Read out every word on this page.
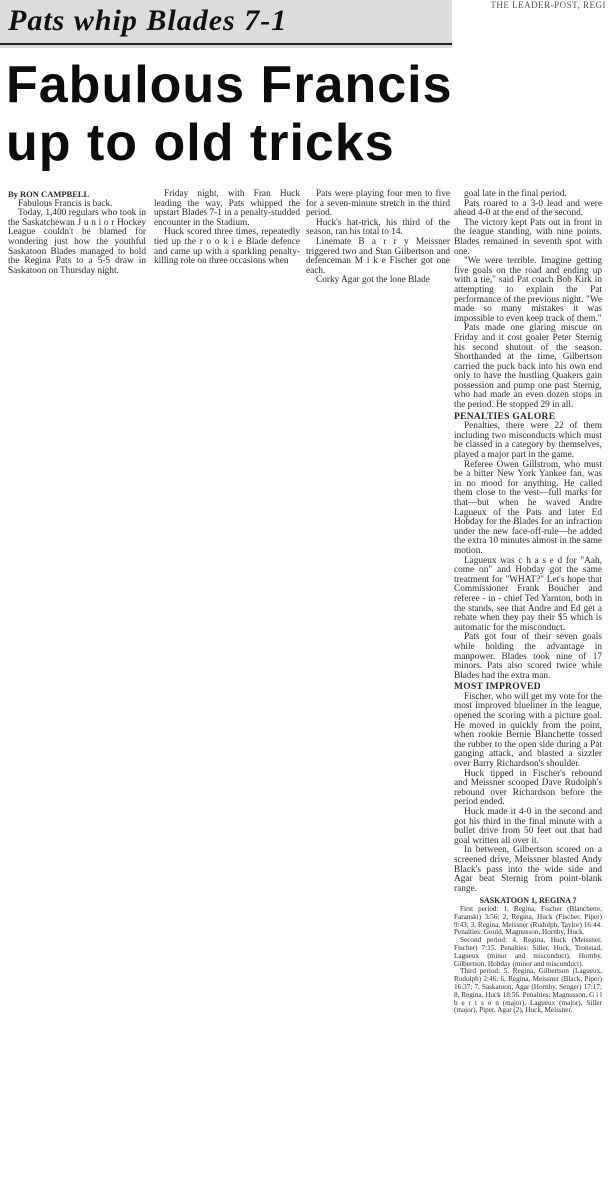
Pats whip Blades 7-1	THE LEADER-POST, REGI
Fabulous Francis
up to old tricks

By RON CAMPBELL

Fabulous Francis is back.

Today, 1,400 regulars who took in the Saskatchewan J u n i o r Hockey League couldn't be blamed for wondering just how the youthful Saskatoon Blades managed to hold the Regina Pats to a 5-5 draw in Saskatoon on Thursday night.

Friday night, with Fran Huck leading the way, Pats whipped the upstart Blades 7-1 in a penalty-studded encounter in the Stadium.

Huck scored three times, repeatedly tied up the r o o k i e Blade defence and came up with a sparkling penalty-killing role on three occasions when

Pats were playing four men to five for a seven-minute stretch in the third period.

Huck's hat-trick, his third of the season, ran his total to 14.

Linemate B a r r y Meissner triggered two and Stan Gilbertson and defenceman M i k e Fischer got one each.

Corky Agar got the lone Blade

goal late in the final period.

Pats roared to a 3-0 lead and were ahead 4-0 at the end of the second.

The victory kept Pats out in front in the league standing, with nine points. Blades remained in seventh spot with one.

"We were terrible. Imagine getting five goals on the road and ending up with a tie," said Pat coach Bob Kirk in attempting to explain the Pat performance of the previous night. "We made so many mistakes it was impossible to even keep track of them."

Pats made one glaring miscue on Friday and it cost goaler Peter Sternig his second shutout of the season. Shorthanded at the time, Gilbertson carried the puck back into his own end only to have the hustling Quakers gain possession and pump one past Sternig, who had made an even dozen stops in the period. He stopped 29 in all.

PENALTIES GALORE

Penalties, there were 22 of them including two misconducts which must be classed in a category by themselves, played a major part in the game.

Referee Owen Gillstrom, who must be a bitter New York Yankee fan, was in no mood for anything. He called them close to the vest—full marks for that—but when he waved Andre Lagueux of the Pats and later Ed Hobday for the Blades for an infraction under the new face-off-rule—he added the extra 10 minutes almost in the same motion.

Lagueux was c h a s e d for "Aah, come on" and Hobday got the same treatment for "WHAT?" Let's hope that Commissioner Frank Boucher and referee - in - chief Ted Yarnton, both in the stands, see that Andre and Ed get a rebate when they pay their $5 which is automatic for the misconduct.

Pats got four of their seven goals while holding the advantage in manpower. Blades took nine of 17 minors. Pats also scored twice while Blades had the extra man.

MOST IMPROVED

Fischer, who will get my vote for the most improved blueliner in the league, opened the scoring with a picture goal. He moved in quickly from the point, when rookie Bernie Blanchette tossed the rubber to the open side during a Pat ganging attack, and blasted a sizzler over Barry Richardson's shoulder.

Huck tipped in Fischer's rebound and Meissner scooped Dave Rudolph's rebound over Richardson before the period ended.

Huck made it 4-0 in the second and got his third in the final minute with a bullet drive from 50 feet out that had goal written all over it.

In between, Gilbertson scored on a screened drive, Meissner blasted Andy Black's pass into the wide side and Agar beat Sternig from point-blank range.

SASKATOON 1, REGINA 7

First period: 1, Regina, Fischer (Blanchette, Faranski) 3:56; 2, Regina, Huck (Fischer, Piper) 9:43; 3, Regina, Meissner (Rudolph, Taylor) 16:44. Penalties: Gould, Magnusson, Hornby, Huck.

Second period: 4, Regina, Huck (Meissner, Fischer) 7:15. Penalties: Siller, Huck, Tronstad, Lagueux (minor and misconduct), Hornby, Gilbertson, Hobday (minor and misconduct).

Third period: 5, Regina, Gilbertson (Lagueux, Rudolph) 2:46; 6, Regina, Meissner (Black, Piper) 16:37; 7, Saskatoon, Agar (Hornby, Senger) 17:17; 8, Regina, Huck 18:56. Penalties: Magnusson, G i l b e r t s o n (major), Lagueux (major), Siller (major), Piper, Agar (2), Huck, Meissner.
